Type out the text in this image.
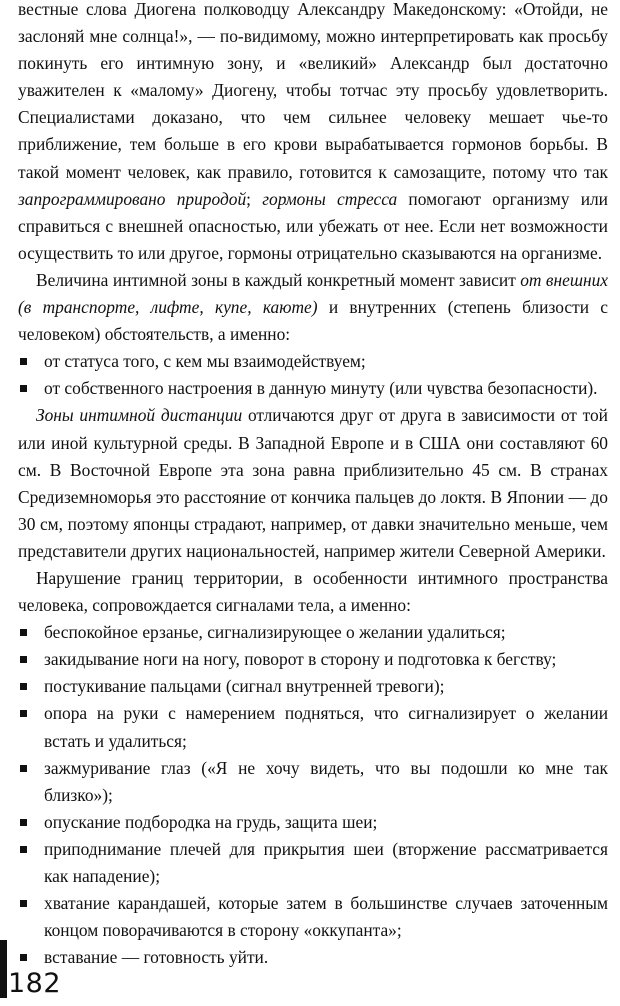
вестные слова Диогена полководцу Александру Македонскому: «Отойди, не заслоняй мне солнца!», — по-видимому, можно интерпретировать как просьбу покинуть его интимную зону, и «великий» Александр был достаточно уважителен к «малому» Диогену, чтобы тотчас эту просьбу удовлетворить. Специалистами доказано, что чем сильнее человеку мешает чье-то приближение, тем больше в его крови вырабатывается гормонов борьбы. В такой момент человек, как правило, готовится к самозащите, потому что так запрограммировано природой; гормоны стресса помогают организму или справиться с внешней опасностью, или убежать от нее. Если нет возможности осуществить то или другое, гормоны отрицательно сказываются на организме.

Величина интимной зоны в каждый конкретный момент зависит от внешних (в транспорте, лифте, купе, каюте) и внутренних (степень близости с человеком) обстоятельств, а именно:

от статуса того, с кем мы взаимодействуем;
от собственного настроения в данную минуту (или чувства безопасности).

Зоны интимной дистанции отличаются друг от друга в зависимости от той или иной культурной среды. В Западной Европе и в США они составляют 60 см. В Восточной Европе эта зона равна приблизительно 45 см. В странах Средиземноморья это расстояние от кончика пальцев до локтя. В Японии — до 30 см, поэтому японцы страдают, например, от давки значительно меньше, чем представители других национальностей, например жители Северной Америки.

Нарушение границ территории, в особенности интимного пространства человека, сопровождается сигналами тела, а именно:

беспокойное ерзанье, сигнализирующее о желании удалиться;
закидывание ноги на ногу, поворот в сторону и подготовка к бегству;
постукивание пальцами (сигнал внутренней тревоги);
опора на руки с намерением подняться, что сигнализирует о желании встать и удалиться;
зажмуривание глаз («Я не хочу видеть, что вы подошли ко мне так близко»);
опускание подбородка на грудь, защита шеи;
приподнимание плечей для прикрытия шеи (вторжение рассматривается как нападение);
хватание карандашей, которые затем в большинстве случаев заточенным концом поворачиваются в сторону «оккупанта»;
вставание — готовность уйти.
182
